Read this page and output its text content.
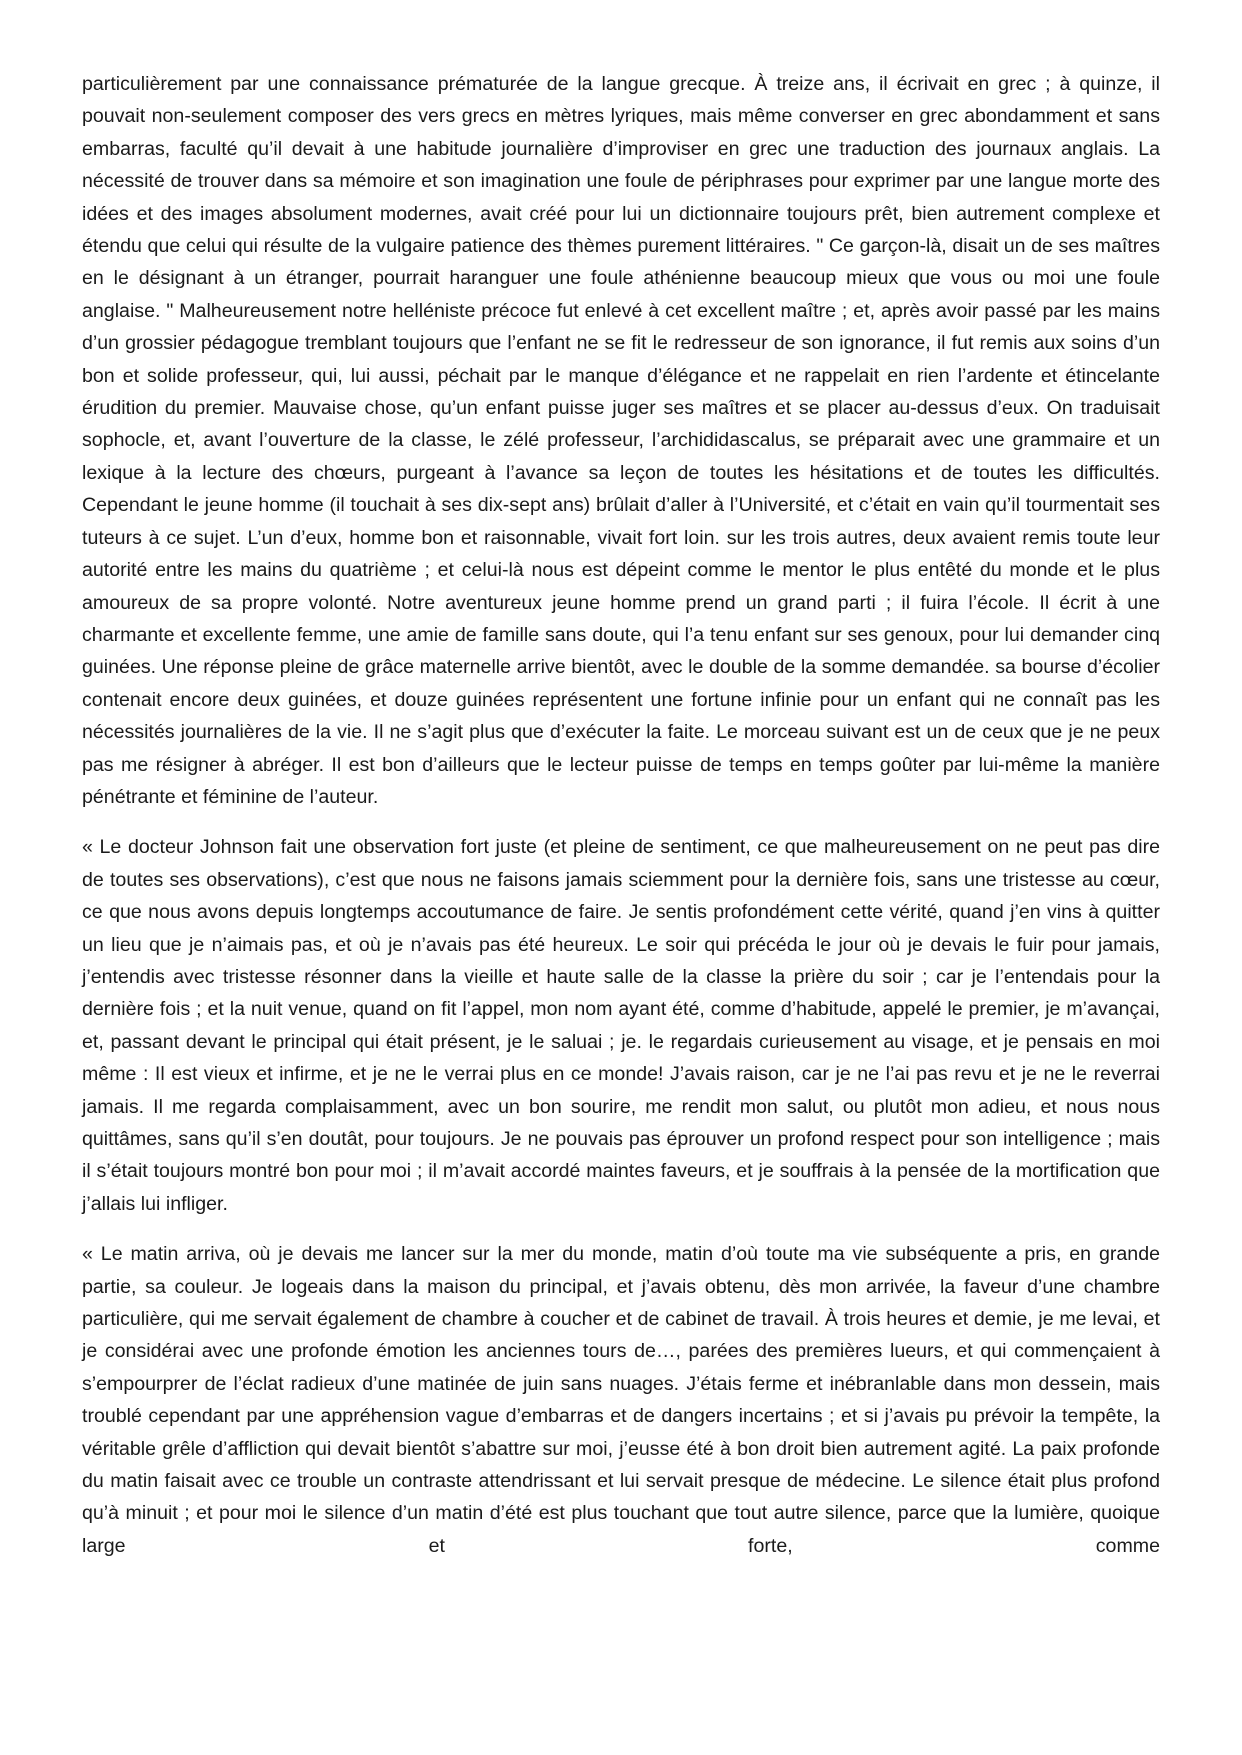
particulièrement par une connaissance prématurée de la langue grecque. À treize ans, il écrivait en grec ; à quinze, il pouvait non-seulement composer des vers grecs en mètres lyriques, mais même converser en grec abondamment et sans embarras, faculté qu’il devait à une habitude journalière d’improviser en grec une traduction des journaux anglais. La nécessité de trouver dans sa mémoire et son imagination une foule de périphrases pour exprimer par une langue morte des idées et des images absolument modernes, avait créé pour lui un dictionnaire toujours prêt, bien autrement complexe et étendu que celui qui résulte de la vulgaire patience des thèmes purement littéraires. " Ce garçon-là, disait un de ses maîtres en le désignant à un étranger, pourrait haranguer une foule athénienne beaucoup mieux que vous ou moi une foule anglaise. " Malheureusement notre helléniste précoce fut enlevé à cet excellent maître ; et, après avoir passé par les mains d’un grossier pédagogue tremblant toujours que l’enfant ne se fit le redresseur de son ignorance, il fut remis aux soins d’un bon et solide professeur, qui, lui aussi, péchait par le manque d’élégance et ne rappelait en rien l’ardente et étincelante érudition du premier. Mauvaise chose, qu’un enfant puisse juger ses maîtres et se placer au-dessus d’eux. On traduisait sophocle, et, avant l’ouverture de la classe, le zélé professeur, l’archididascalus, se préparait avec une grammaire et un lexique à la lecture des chœurs, purgeant à l’avance sa leçon de toutes les hésitations et de toutes les difficultés. Cependant le jeune homme (il touchait à ses dix-sept ans) brûlait d’aller à l’Université, et c’était en vain qu’il tourmentait ses tuteurs à ce sujet. L’un d’eux, homme bon et raisonnable, vivait fort loin. sur les trois autres, deux avaient remis toute leur autorité entre les mains du quatrième ; et celui-là nous est dépeint comme le mentor le plus entêté du monde et le plus amoureux de sa propre volonté. Notre aventureux jeune homme prend un grand parti ; il fuira l’école. Il écrit à une charmante et excellente femme, une amie de famille sans doute, qui l’a tenu enfant sur ses genoux, pour lui demander cinq guinées. Une réponse pleine de grâce maternelle arrive bientôt, avec le double de la somme demandée. sa bourse d’écolier contenait encore deux guinées, et douze guinées représentent une fortune infinie pour un enfant qui ne connaît pas les nécessités journalières de la vie. Il ne s’agit plus que d’exécuter la faite. Le morceau suivant est un de ceux que je ne peux pas me résigner à abréger. Il est bon d’ailleurs que le lecteur puisse de temps en temps goûter par lui-même la manière pénétrante et féminine de l’auteur.

« Le docteur Johnson fait une observation fort juste (et pleine de sentiment, ce que malheureusement on ne peut pas dire de toutes ses observations), c’est que nous ne faisons jamais sciemment pour la dernière fois, sans une tristesse au cœur, ce que nous avons depuis longtemps accoutumance de faire. Je sentis profondément cette vérité, quand j’en vins à quitter un lieu que je n’aimais pas, et où je n’avais pas été heureux. Le soir qui précéda le jour où je devais le fuir pour jamais, j’entendis avec tristesse résonner dans la vieille et haute salle de la classe la prière du soir ; car je l’entendais pour la dernière fois ; et la nuit venue, quand on fit l’appel, mon nom ayant été, comme d’habitude, appelé le premier, je m’avançai, et, passant devant le principal qui était présent, je le saluai ; je. le regardais curieusement au visage, et je pensais en moi même : Il est vieux et infirme, et je ne le verrai plus en ce monde! J’avais raison, car je ne l’ai pas revu et je ne le reverrai jamais. Il me regarda complaisamment, avec un bon sourire, me rendit mon salut, ou plutôt mon adieu, et nous nous quittâmes, sans qu’il s’en doutât, pour toujours. Je ne pouvais pas éprouver un profond respect pour son intelligence ; mais il s’était toujours montré bon pour moi ; il m’avait accordé maintes faveurs, et je souffrais à la pensée de la mortification que j’allais lui infliger.

« Le matin arriva, où je devais me lancer sur la mer du monde, matin d’où toute ma vie subséquente a pris, en grande partie, sa couleur. Je logeais dans la maison du principal, et j’avais obtenu, dès mon arrivée, la faveur d’une chambre particulière, qui me servait également de chambre à coucher et de cabinet de travail. À trois heures et demie, je me levai, et je considérai avec une profonde émotion les anciennes tours de…, parées des premières lueurs, et qui commençaient à s’empourprer de l’éclat radieux d’une matinée de juin sans nuages. J’étais ferme et inébranlable dans mon dessein, mais troublé cependant par une appréhension vague d’embarras et de dangers incertains ; et si j’avais pu prévoir la tempête, la véritable grêle d’affliction qui devait bientôt s’abattre sur moi, j’eusse été à bon droit bien autrement agité. La paix profonde du matin faisait avec ce trouble un contraste attendrissant et lui servait presque de médecine. Le silence était plus profond qu’à minuit ; et pour moi le silence d’un matin d’été est plus touchant que tout autre silence, parce que la lumière, quoique large et forte, comme
